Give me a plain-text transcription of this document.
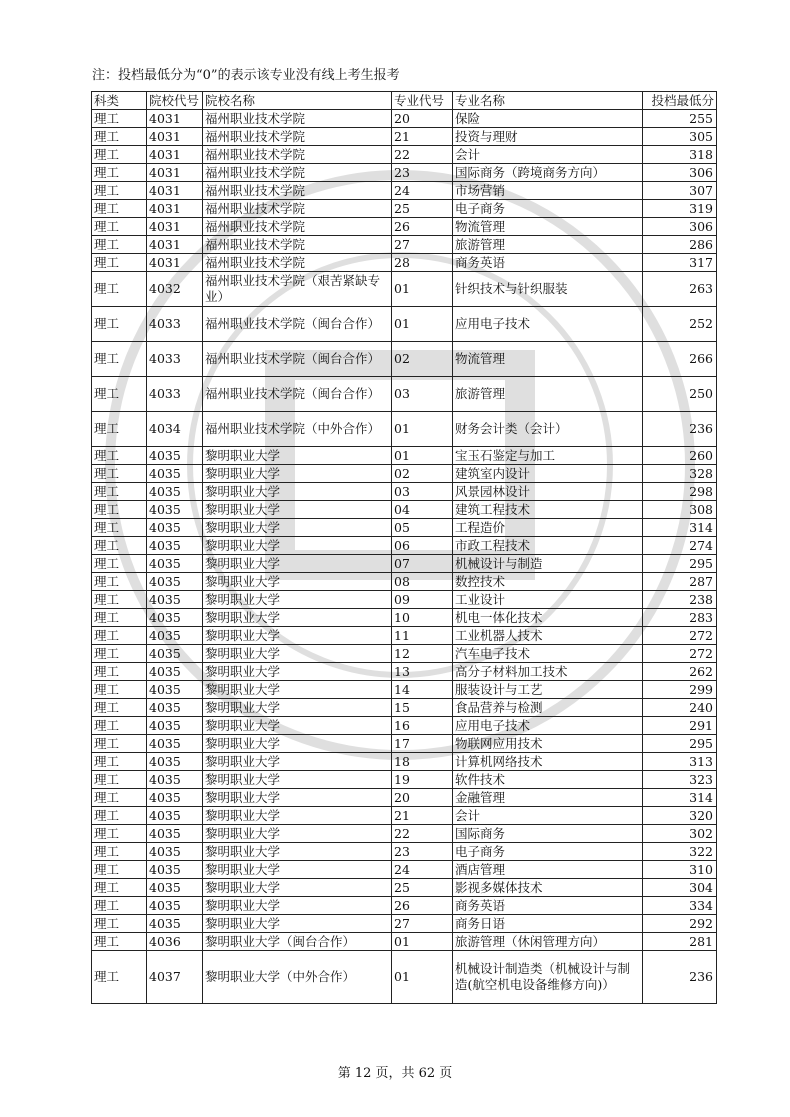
注：投档最低分为“0”的表示该专业没有线上考生报考
科类	院校代号	院校名称	专业代号	专业名称	投档最低分
理工	4031	福州职业技术学院	20	保险	255
理工	4031	福州职业技术学院	21	投资与理财	305
理工	4031	福州职业技术学院	22	会计	318
理工	4031	福州职业技术学院	23	国际商务（跨境商务方向）	306
理工	4031	福州职业技术学院	24	市场营销	307
理工	4031	福州职业技术学院	25	电子商务	319
理工	4031	福州职业技术学院	26	物流管理	306
理工	4031	福州职业技术学院	27	旅游管理	286
理工	4031	福州职业技术学院	28	商务英语	317
理工	4032	福州职业技术学院（艰苦紧缺专业）	01	针织技术与针织服装	263
理工	4033	福州职业技术学院（闽台合作）	01	应用电子技术	252
理工	4033	福州职业技术学院（闽台合作）	02	物流管理	266
理工	4033	福州职业技术学院（闽台合作）	03	旅游管理	250
理工	4034	福州职业技术学院（中外合作）	01	财务会计类（会计）	236
理工	4035	黎明职业大学	01	宝玉石鉴定与加工	260
理工	4035	黎明职业大学	02	建筑室内设计	328
理工	4035	黎明职业大学	03	风景园林设计	298
理工	4035	黎明职业大学	04	建筑工程技术	308
理工	4035	黎明职业大学	05	工程造价	314
理工	4035	黎明职业大学	06	市政工程技术	274
理工	4035	黎明职业大学	07	机械设计与制造	295
理工	4035	黎明职业大学	08	数控技术	287
理工	4035	黎明职业大学	09	工业设计	238
理工	4035	黎明职业大学	10	机电一体化技术	283
理工	4035	黎明职业大学	11	工业机器人技术	272
理工	4035	黎明职业大学	12	汽车电子技术	272
理工	4035	黎明职业大学	13	高分子材料加工技术	262
理工	4035	黎明职业大学	14	服装设计与工艺	299
理工	4035	黎明职业大学	15	食品营养与检测	240
理工	4035	黎明职业大学	16	应用电子技术	291
理工	4035	黎明职业大学	17	物联网应用技术	295
理工	4035	黎明职业大学	18	计算机网络技术	313
理工	4035	黎明职业大学	19	软件技术	323
理工	4035	黎明职业大学	20	金融管理	314
理工	4035	黎明职业大学	21	会计	320
理工	4035	黎明职业大学	22	国际商务	302
理工	4035	黎明职业大学	23	电子商务	322
理工	4035	黎明职业大学	24	酒店管理	310
理工	4035	黎明职业大学	25	影视多媒体技术	304
理工	4035	黎明职业大学	26	商务英语	334
理工	4035	黎明职业大学	27	商务日语	292
理工	4036	黎明职业大学（闽台合作）	01	旅游管理（休闲管理方向）	281
理工	4037	黎明职业大学（中外合作）	01	机械设计制造类（机械设计与制造(航空机电设备维修方向)）	236
第 12 页，共 62 页
